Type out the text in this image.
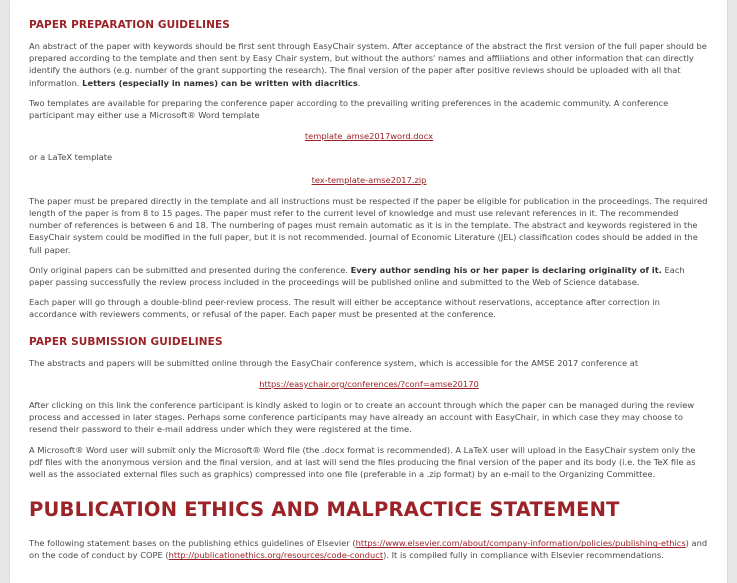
PAPER PREPARATION GUIDELINES

An abstract of the paper with keywords should be first sent through EasyChair system. After acceptance of the abstract the first version of the full paper should be prepared according to the template and then sent by Easy Chair system, but without the authors' names and affiliations and other information that can directly identify the authors (e.g. number of the grant supporting the research). The final version of the paper after positive reviews should be uploaded with all that information. Letters (especially in names) can be written with diacritics.

Two templates are available for preparing the conference paper according to the prevailing writing preferences in the academic community. A conference participant may either use a Microsoft® Word template

template_amse2017word.docx

or a LaTeX template

tex-template-amse2017.zip

The paper must be prepared directly in the template and all instructions must be respected if the paper be eligible for publication in the proceedings. The required length of the paper is from 8 to 15 pages. The paper must refer to the current level of knowledge and must use relevant references in it. The recommended number of references is between 6 and 18. The numbering of pages must remain automatic as it is in the template. The abstract and keywords registered in the EasyChair system could be modified in the full paper, but it is not recommended. Journal of Economic Literature (JEL) classification codes should be added in the full paper.

Only original papers can be submitted and presented during the conference. Every author sending his or her paper is declaring originality of it. Each paper passing successfully the review process included in the proceedings will be published online and submitted to the Web of Science database.

Each paper will go through a double-blind peer-review process. The result will either be acceptance without reservations, acceptance after correction in accordance with reviewers comments, or refusal of the paper. Each paper must be presented at the conference.

PAPER SUBMISSION GUIDELINES

The abstracts and papers will be submitted online through the EasyChair conference system, which is accessible for the AMSE 2017 conference at

https://easychair.org/conferences/?conf=amse20170

After clicking on this link the conference participant is kindly asked to login or to create an account through which the paper can be managed during the review process and accessed in later stages. Perhaps some conference participants may have already an account with EasyChair, in which case they may choose to resend their password to their e-mail address under which they were registered at the time.

A Microsoft® Word user will submit only the Microsoft® Word file (the .docx format is recommended). A LaTeX user will upload in the EasyChair system only the pdf files with the anonymous version and the final version, and at last will send the files producing the final version of the paper and its body (i.e. the TeX file as well as the associated external files such as graphics) compressed into one file (preferable in a .zip format) by an e-mail to the Organizing Committee.

PUBLICATION ETHICS AND MALPRACTICE STATEMENT

The following statement bases on the publishing ethics guidelines of Elsevier (https://www.elsevier.com/about/company-information/policies/publishing-ethics) and on the code of conduct by COPE (http://publicationethics.org/resources/code-conduct). It is compiled fully in compliance with Elsevier recommendations.
